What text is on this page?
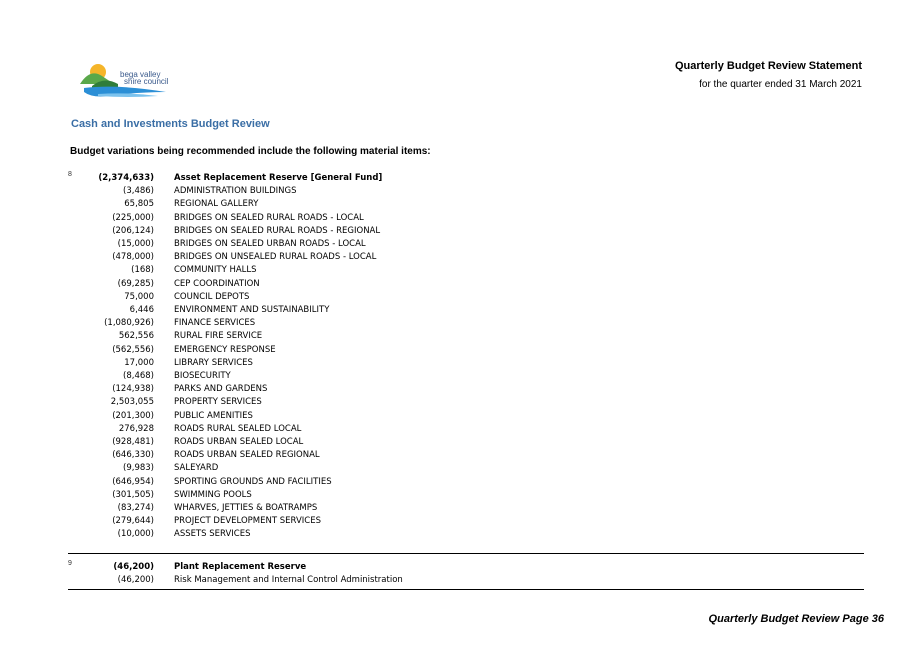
bega valley
shire council
Quarterly Budget Review Statement
for the quarter ended 31 March 2021
Cash and Investments Budget Review
Budget variations being recommended include the following material items:
8	(2,374,633) Asset Replacement Reserve [General Fund]
(3,486) ADMINISTRATION BUILDINGS
65,805 REGIONAL GALLERY
(225,000) BRIDGES ON SEALED RURAL ROADS - LOCAL
(206,124) BRIDGES ON SEALED RURAL ROADS - REGIONAL
(15,000) BRIDGES ON SEALED URBAN ROADS - LOCAL
(478,000) BRIDGES ON UNSEALED RURAL ROADS - LOCAL
(168) COMMUNITY HALLS
(69,285) CEP COORDINATION
75,000 COUNCIL DEPOTS
6,446 ENVIRONMENT AND SUSTAINABILITY
(1,080,926) FINANCE SERVICES
562,556 RURAL FIRE SERVICE
(562,556) EMERGENCY RESPONSE
17,000 LIBRARY SERVICES
(8,468) BIOSECURITY
(124,938) PARKS AND GARDENS
2,503,055 PROPERTY SERVICES
(201,300) PUBLIC AMENITIES
276,928 ROADS RURAL SEALED LOCAL
(928,481) ROADS URBAN SEALED LOCAL
(646,330) ROADS URBAN SEALED REGIONAL
(9,983) SALEYARD
(646,954) SPORTING GROUNDS AND FACILITIES
(301,505) SWIMMING POOLS
(83,274) WHARVES, JETTIES & BOATRAMPS
(279,644) PROJECT DEVELOPMENT SERVICES
(10,000) ASSETS SERVICES
9	(46,200) Plant Replacement Reserve
(46,200) Risk Management and Internal Control Administration
Quarterly Budget Review Page 36
